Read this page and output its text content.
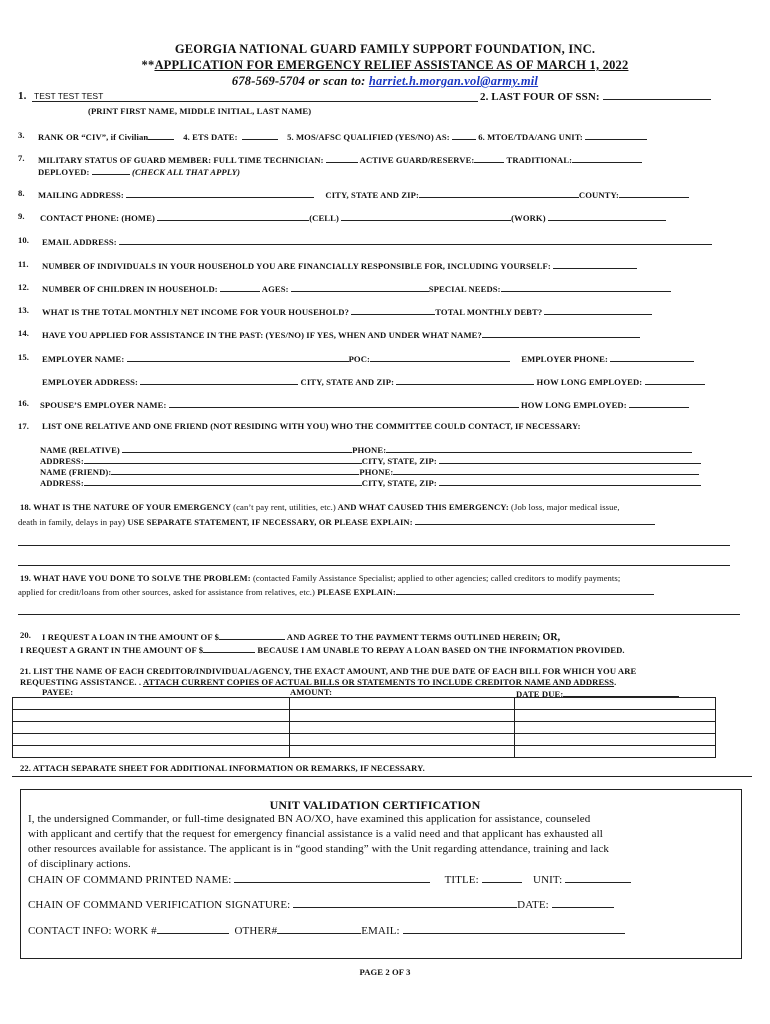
GEORGIA NATIONAL GUARD FAMILY SUPPORT FOUNDATION, INC.
**APPLICATION FOR EMERGENCY RELIEF ASSISTANCE AS OF MARCH 1, 2022
678-569-5704 or scan to: harriet.h.morgan.vol@army.mil
1. TEST TEST TEST	2. LAST FOUR OF SSN:
(PRINT FIRST NAME, MIDDLE INITIAL, LAST NAME)
3. RANK OR “CIV”, if Civilian	4. ETS DATE:	5. MOS/AFSC QUALIFIED (YES/NO) AS:	6. MTOE/TDA/ANG UNIT:
7. MILITARY STATUS OF GUARD MEMBER: FULL TIME TECHNICIAN:	ACTIVE GUARD/RESERVE:	TRADITIONAL:
DEPLOYED:	(CHECK ALL THAT APPLY)
8. MAILING ADDRESS:	CITY, STATE AND ZIP:	COUNTY:
9. CONTACT PHONE: (HOME)	(CELL)	(WORK)
10. EMAIL ADDRESS:
11. NUMBER OF INDIVIDUALS IN YOUR HOUSEHOLD YOU ARE FINANCIALLY RESPONSIBLE FOR, INCLUDING YOURSELF:
12. NUMBER OF CHILDREN IN HOUSEHOLD:	AGES:	SPECIAL NEEDS:
13. WHAT IS THE TOTAL MONTHLY NET INCOME FOR YOUR HOUSEHOLD?	TOTAL MONTHLY DEBT?
14. HAVE YOU APPLIED FOR ASSISTANCE IN THE PAST: (YES/NO) IF YES, WHEN AND UNDER WHAT NAME?
15. EMPLOYER NAME:	POC:	EMPLOYER PHONE:
EMPLOYER ADDRESS:	CITY, STATE AND ZIP:	HOW LONG EMPLOYED:
16. SPOUSE’S EMPLOYER NAME:	HOW LONG EMPLOYED:
17. LIST ONE RELATIVE AND ONE FRIEND (NOT RESIDING WITH YOU) WHO THE COMMITTEE COULD CONTACT, IF NECESSARY:
NAME (RELATIVE)	PHONE:
ADDRESS:	CITY, STATE, ZIP:
NAME (FRIEND):	PHONE:
ADDRESS:	CITY, STATE, ZIP:
18. WHAT IS THE NATURE OF YOUR EMERGENCY (can’t pay rent, utilities, etc.) AND WHAT CAUSED THIS EMERGENCY: (Job loss, major medical issue,
death in family, delays in pay) USE SEPARATE STATEMENT, IF NECESSARY, OR PLEASE EXPLAIN:
19. WHAT HAVE YOU DONE TO SOLVE THE PROBLEM: (contacted Family Assistance Specialist; applied to other agencies; called creditors to modify payments;
applied for credit/loans from other sources, asked for assistance from relatives, etc.) PLEASE EXPLAIN:
20. I REQUEST A LOAN IN THE AMOUNT OF $	AND AGREE TO THE PAYMENT TERMS OUTLINED HEREIN; OR,
I REQUEST A GRANT IN THE AMOUNT OF $	BECAUSE I AM UNABLE TO REPAY A LOAN BASED ON THE INFORMATION PROVIDED.
21. LIST THE NAME OF EACH CREDITOR/INDIVIDUAL/AGENCY, THE EXACT AMOUNT, AND THE DUE DATE OF EACH BILL FOR WHICH YOU ARE
REQUESTING ASSISTANCE. . ATTACH CURRENT COPIES OF ACTUAL BILLS OR STATEMENTS TO INCLUDE CREDITOR NAME AND ADDRESS.
PAYEE:	AMOUNT:	DATE DUE:

22. ATTACH SEPARATE SHEET FOR ADDITIONAL INFORMATION OR REMARKS, IF NECESSARY.
UNIT VALIDATION CERTIFICATION
I, the undersigned Commander, or full-time designated BN AO/XO, have examined this application for assistance, counseled
with applicant and certify that the request for emergency financial assistance is a valid need and that applicant has exhausted all
other resources available for assistance. The applicant is in “good standing” with the Unit regarding attendance, training and lack
of disciplinary actions.
CHAIN OF COMMAND PRINTED NAME:	TITLE:	UNIT:
CHAIN OF COMMAND VERIFICATION SIGNATURE:	DATE:
CONTACT INFO: WORK #	OTHER#	EMAIL:
PAGE 2 OF 3
